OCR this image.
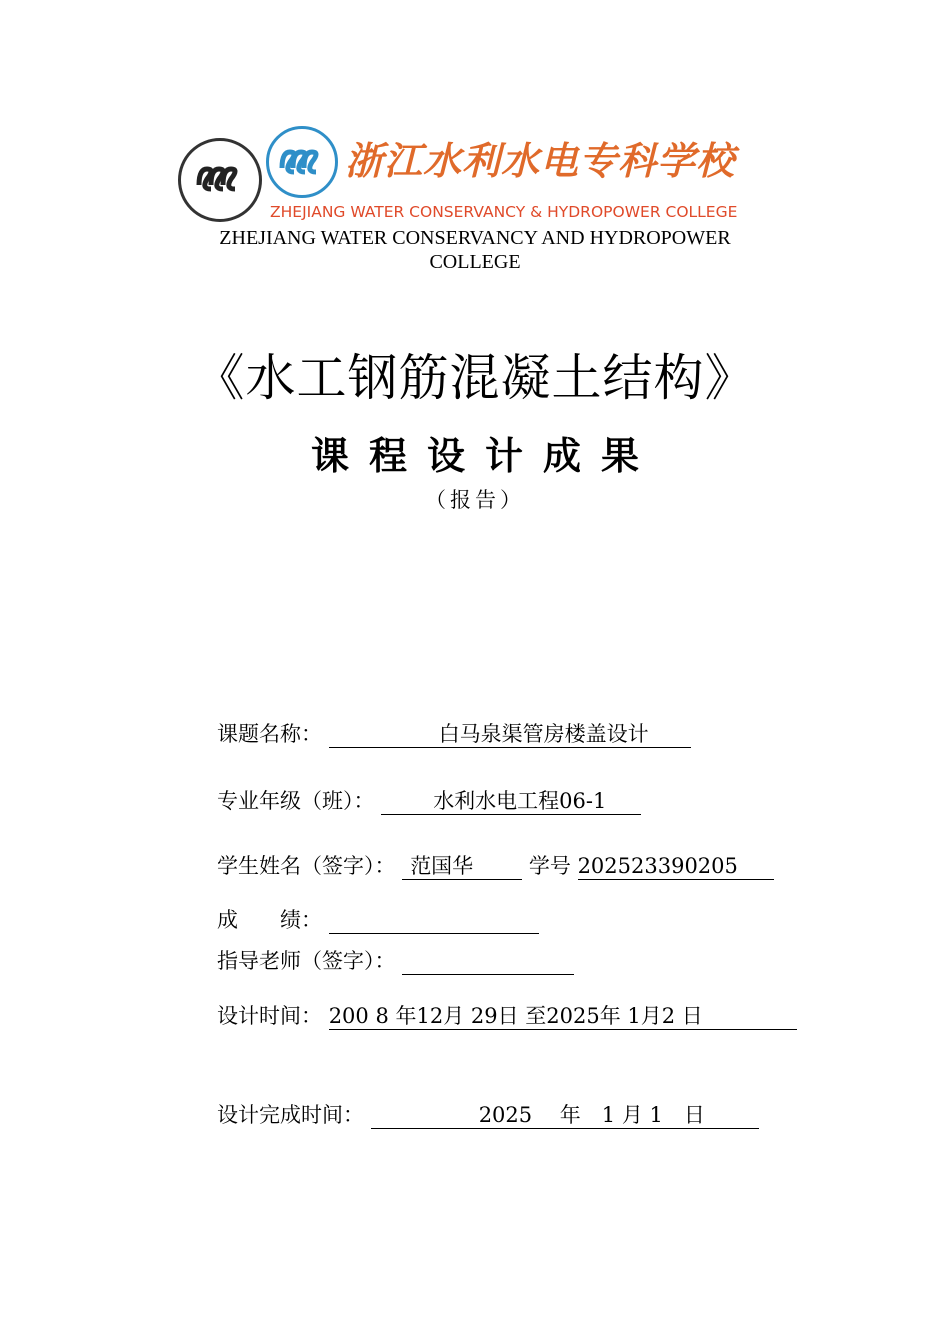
浙江水利水电专科学校
ZHEJIANG WATER CONSERVANCY & HYDROPOWER COLLEGE
ZHEJIANG WATER CONSERVANCY AND HYDROPOWER
COLLEGE
《水工钢筋混凝土结构》
课程设计成果
（报告）
课题名称：	白马泉渠管房楼盖设计
专业年级（班）：	水利水电工程06-1
学生姓名（签字）： 范国华	学号 202523390205
成　　绩：
指导老师（签字）：
设计时间： 200 8 年12月 29日 至2025年 1月2 日
设计完成时间：	2025　 年　1 月 1　日
